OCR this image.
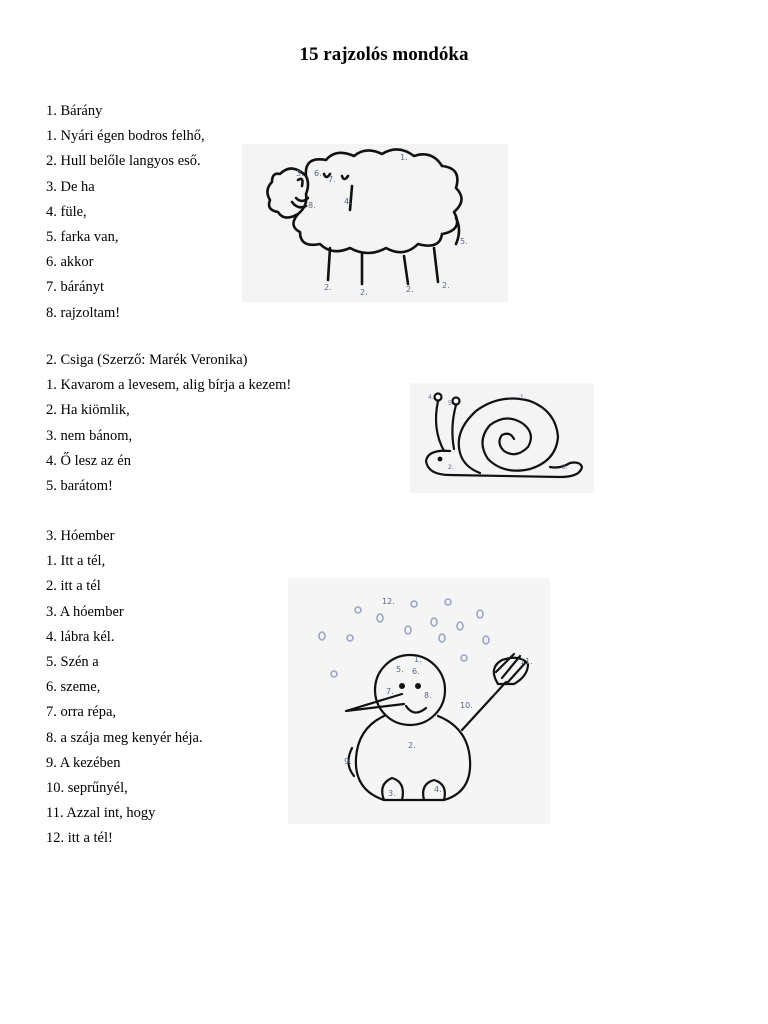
15 rajzolós mondóka
1. Bárány
1. Nyári égen bodros felhő,
2. Hull belőle langyos eső.
3. De ha
4. füle,
5. farka van,
6. akkor
7. bárányt
8. rajzoltam!
2. Csiga (Szerző: Marék Veronika)
1. Kavarom a levesem, alig bírja a kezem!
2. Ha kiömlik,
3. nem bánom,
4. Ő lesz az én
5. barátom!
3. Hóember
1. Itt a tél,
2. itt a tél
3. A hóember
4. lábra kél.
5. Szén a
6. szeme,
7. orra répa,
8. a szája meg kenyér héja.
9. A kezében
10. seprűnyél,
11. Azzal int, hogy
12. itt a tél!
1.
2.
2.	2.	2.
3.
4.
5.
6.
7.
8.
1.
2.	3.
4.
5.
1.
2.
3.	4.
5. 6.
7.	8.
9.
10.
11.
12.
